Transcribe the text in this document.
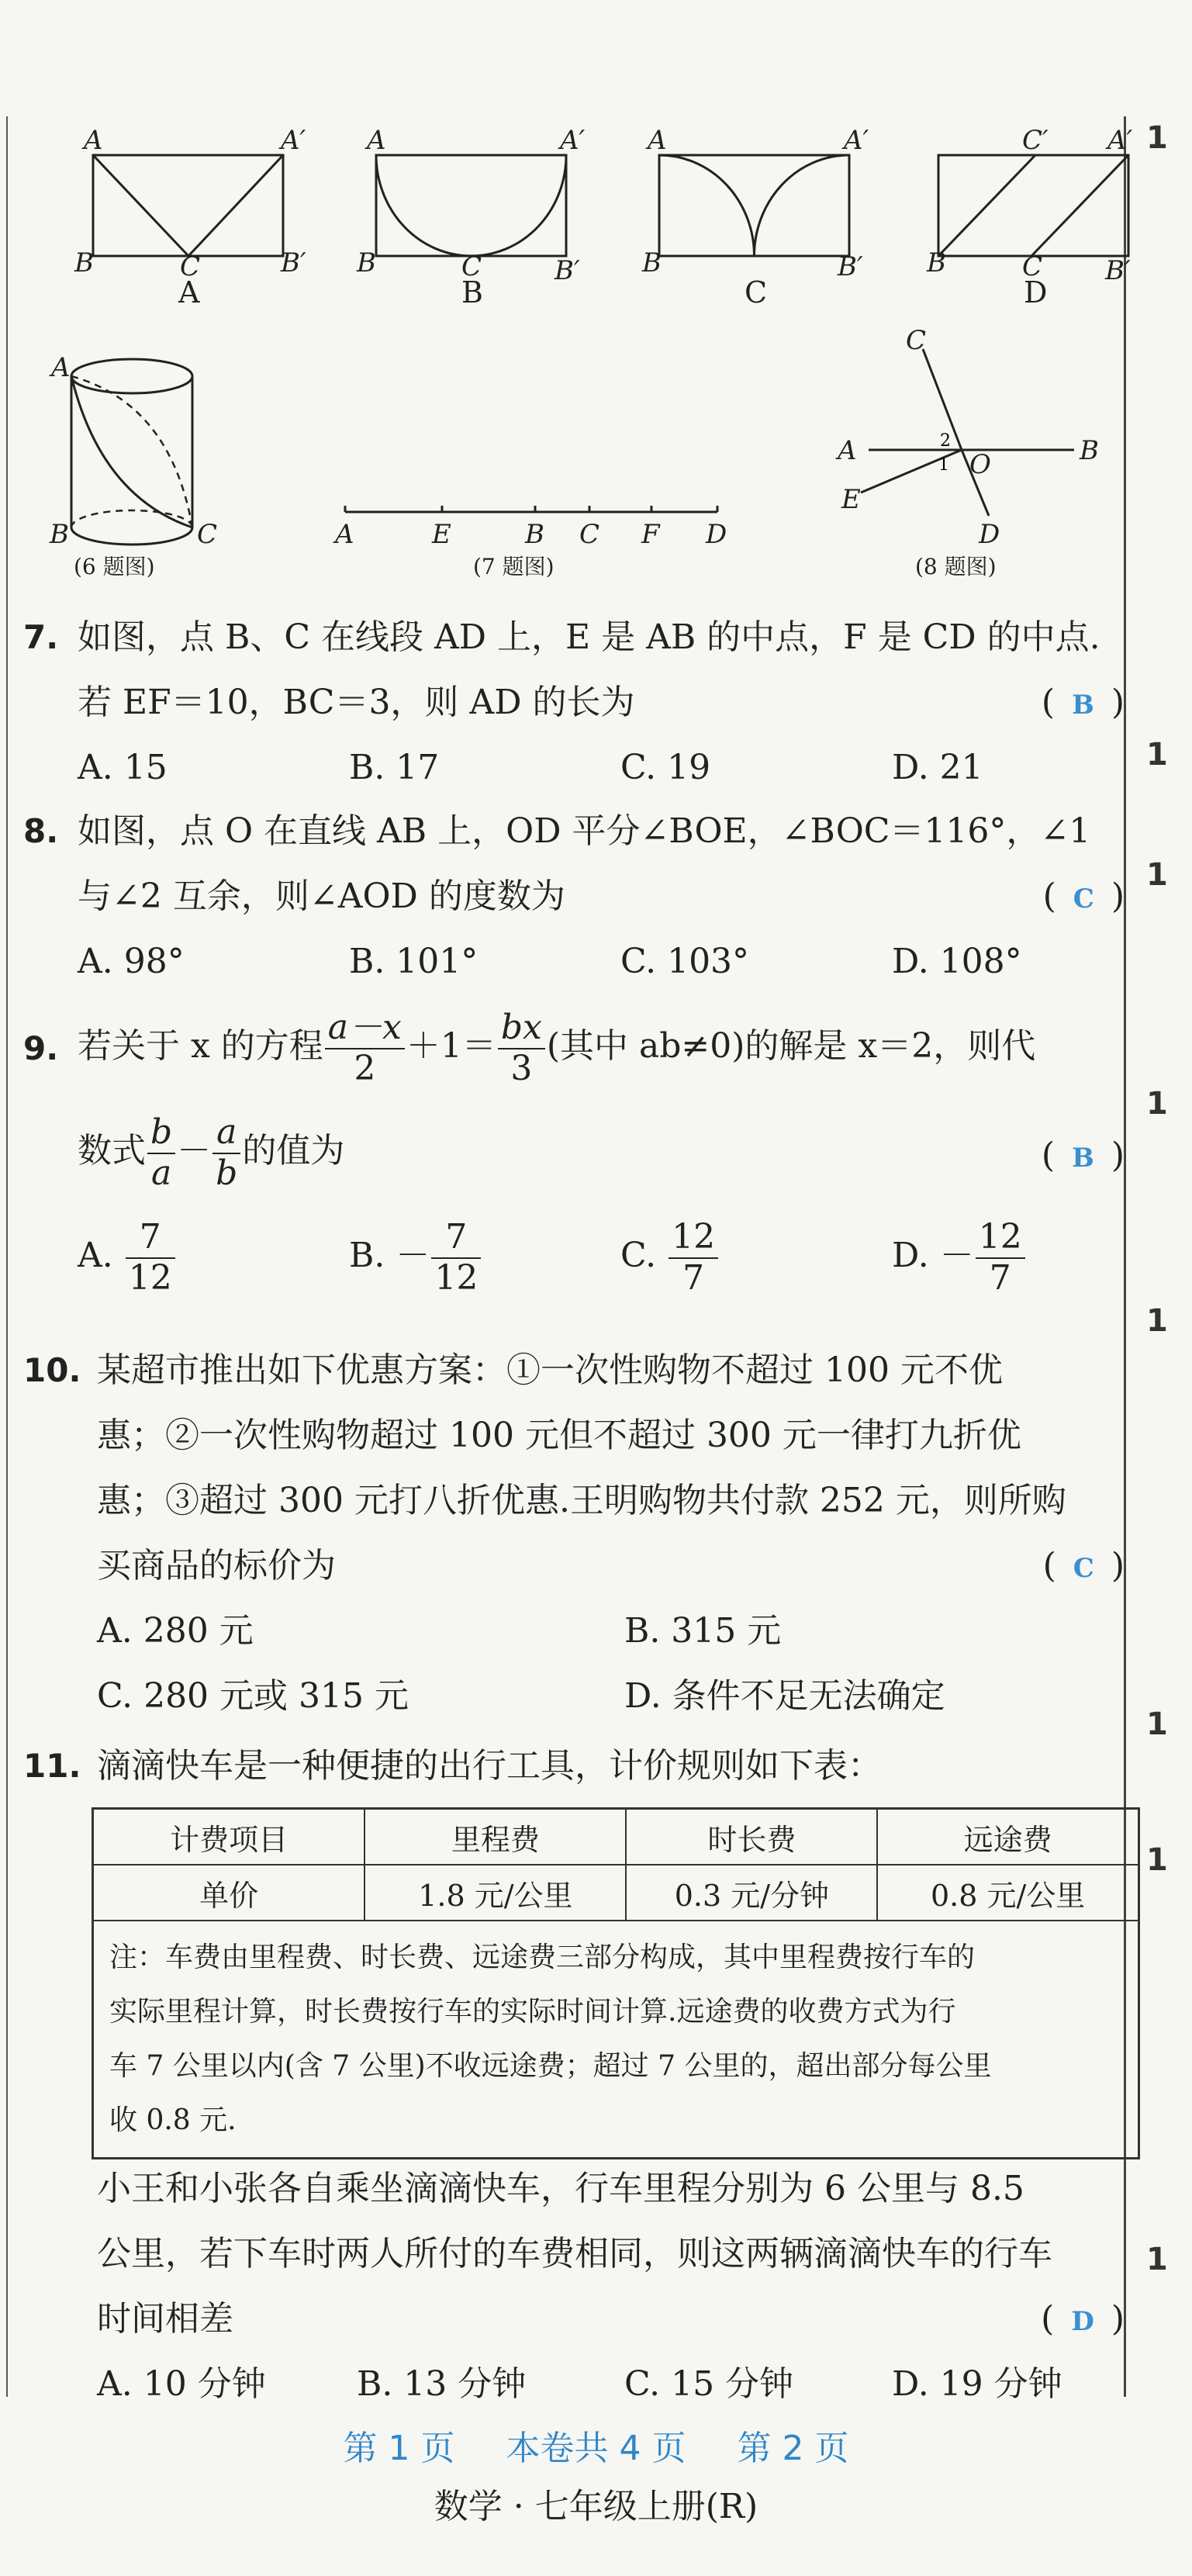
A	A′
B	C	B′
A
A	A′
B	C	B′
B
A	A′
B	B′
C
C′ A′
B	C B′
D
A
B	C
(6 题图)
A	E	B C F D
(7 题图)
A	B
C
D
E
O
2
1
(8 题图)
7. 如图，点 B、C 在线段 AD 上，E 是 AB 的中点，F 是 CD 的中点.
若 EF＝10，BC＝3，则 AD 的长为	( B )
A. 15	B. 17	C. 19	D. 21
8. 如图，点 O 在直线 AB 上，OD 平分∠BOE，∠BOC＝116°，∠1
与∠2 互余，则∠AOD 的度数为	( C )
A. 98°	B. 101°	C. 103°	D. 108°
9. 若关于 x 的方程 $\frac{a-x}{2} +1= \frac{bx}{3}$ (其中 ab≠0)的解是 x＝2，则代
数式 $\frac{b}{a} - \frac{a}{b}$ 的值为	( B )
A. $\frac{7}{12}$	B. － $\frac{7}{12}$	C. $\frac{12}{7}$	D. － $\frac{12}{7}$
10. 某超市推出如下优惠方案：①一次性购物不超过 100 元不优
惠；②一次性购物超过 100 元但不超过 300 元一律打九折优
惠；③超过 300 元打八折优惠.王明购物共付款 252 元，则所购
买商品的标价为	( C )
A. 280 元	B. 315 元
C. 280 元或 315 元	D. 条件不足无法确定
11. 滴滴快车是一种便捷的出行工具，计价规则如下表：
计费项目	里程费	时长费	远途费
单价	1.8 元/公里	0.3 元/分钟	0.8 元/公里

注：车费由里程费、时长费、远途费三部分构成，其中里程费按行车的
实际里程计算，时长费按行车的实际时间计算.远途费的收费方式为行
车 7 公里以内(含 7 公里)不收远途费；超过 7 公里的，超出部分每公里
收 0.8 元.			
小王和小张各自乘坐滴滴快车，行车里程分别为 6 公里与 8.5
公里，若下车时两人所付的车费相同，则这两辆滴滴快车的行车
时间相差	( D )
A. 10 分钟	B. 13 分钟	C. 15 分钟	D. 19 分钟
第 1 页 本卷共 4 页 第 2 页
数学 · 七年级上册(R)
1
1
1
1
1
1
1
1
